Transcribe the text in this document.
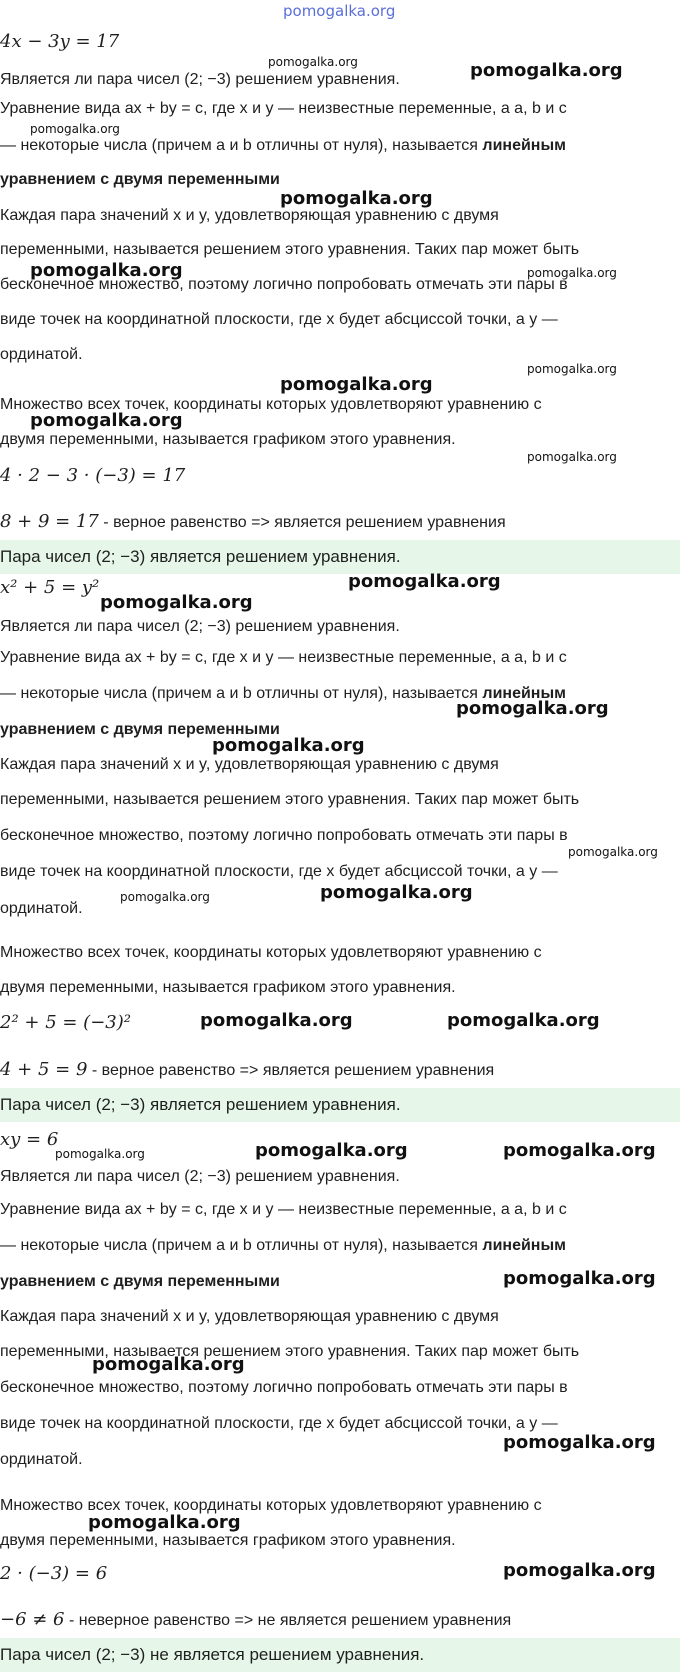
pomogalka.org
4x − 3y = 17
Является ли пара чисел (2; −3) решением уравнения.
Уравнение вида ax + by = c, где x и y — неизвестные переменные, а a, b и c
— некоторые числа (причем a и b отличны от нуля), называется линейным
уравнением с двумя переменными
Каждая пара значений x и y, удовлетворяющая уравнению с двумя
переменными, называется решением этого уравнения. Таких пар может быть
бесконечное множество, поэтому логично попробовать отмечать эти пары в
виде точек на координатной плоскости, где x будет абсциссой точки, а y —
ординатой.
Множество всех точек, координаты которых удовлетворяют уравнению с
двумя переменными, называется графиком этого уравнения.
4 · 2 − 3 · (−3) = 17
8 + 9 = 17 - верное равенство => является решением уравнения
Пара чисел (2; −3) является решением уравнения.
x² + 5 = y²
Является ли пара чисел (2; −3) решением уравнения.
Уравнение вида ax + by = c, где x и y — неизвестные переменные, а a, b и c
— некоторые числа (причем a и b отличны от нуля), называется линейным
уравнением с двумя переменными
Каждая пара значений x и y, удовлетворяющая уравнению с двумя
переменными, называется решением этого уравнения. Таких пар может быть
бесконечное множество, поэтому логично попробовать отмечать эти пары в
виде точек на координатной плоскости, где x будет абсциссой точки, а y —
ординатой.
Множество всех точек, координаты которых удовлетворяют уравнению с
двумя переменными, называется графиком этого уравнения.
2² + 5 = (−3)²
4 + 5 = 9 - верное равенство => является решением уравнения
Пара чисел (2; −3) является решением уравнения.
xy = 6
Является ли пара чисел (2; −3) решением уравнения.
Уравнение вида ax + by = c, где x и y — неизвестные переменные, а a, b и c
— некоторые числа (причем a и b отличны от нуля), называется линейным
уравнением с двумя переменными
Каждая пара значений x и y, удовлетворяющая уравнению с двумя
переменными, называется решением этого уравнения. Таких пар может быть
бесконечное множество, поэтому логично попробовать отмечать эти пары в
виде точек на координатной плоскости, где x будет абсциссой точки, а y —
ординатой.
Множество всех точек, координаты которых удовлетворяют уравнению с
двумя переменными, называется графиком этого уравнения.
2 · (−3) = 6
−6 ≠ 6 - неверное равенство => не является решением уравнения
Пара чисел (2; −3) не является решением уравнения.
pomogalka.org	pomogalka.org
pomogalka.org
pomogalka.org
pomogalka.org	pomogalka.org
pomogalka.org
pomogalka.org
pomogalka.org
pomogalka.org
pomogalka.org
pomogalka.org
pomogalka.org
pomogalka.org
pomogalka.org
pomogalka.org	pomogalka.org
pomogalka.org	pomogalka.org
pomogalka.org	pomogalka.org	pomogalka.org
pomogalka.org
pomogalka.org
pomogalka.org
pomogalka.org
pomogalka.org
